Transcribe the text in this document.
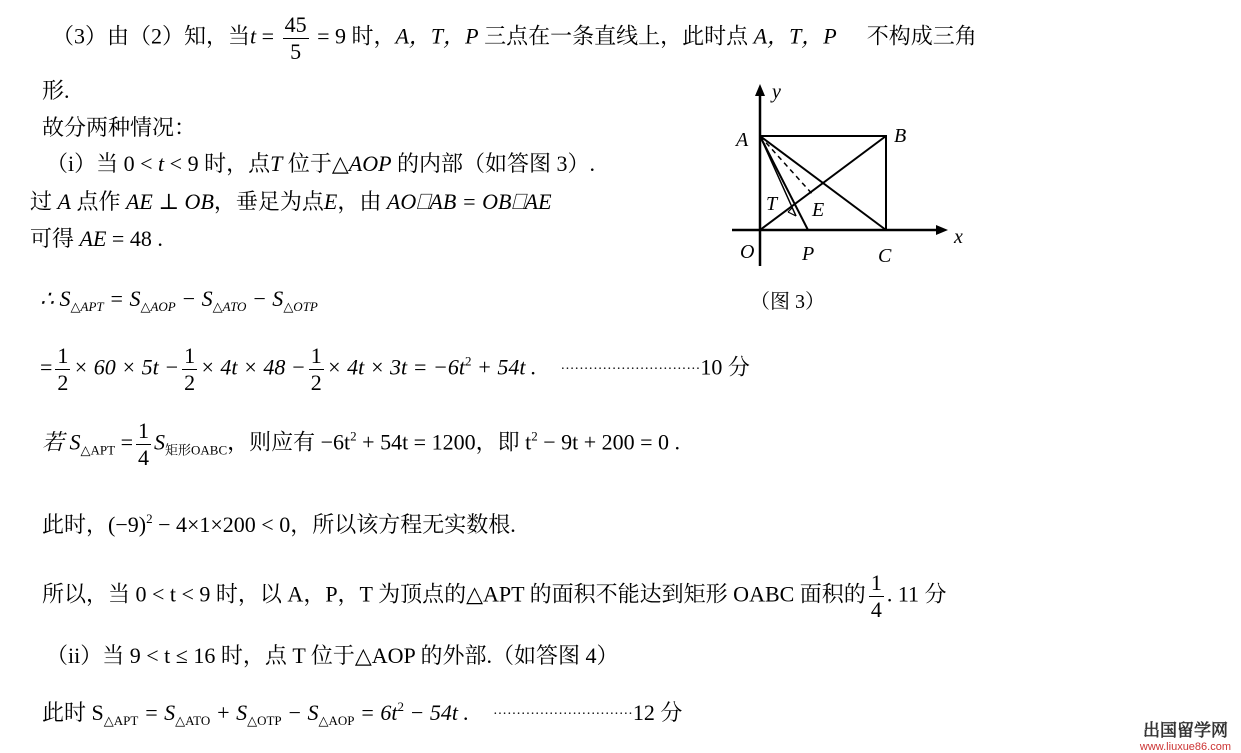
（3）由（2）知，当$t = \frac{45}{5} = 9$ 时，A，T，P 三点在一条直线上，此时点 A，T，P 不构成三角
形.
故分两种情况：
（i）当 0 < t < 9 时，点T 位于△AOP 的内部（如答图 3）.
过 A 点作 AE ⊥ OB，垂足为点E，由 AO⎕AB = OB⎕AE
可得 AE = 48 .
∴ $S_{\triangle APT} = S_{\triangle AOP} - S_{\triangle ATO} - S_{\triangle OTP}$
= $\frac{1}{2} \times 60 \times 5t - \frac{1}{2} \times 4t \times 48 - \frac{1}{2} \times 4t \times 3t = -6t^2 + 54t$ . ······························10 分
若 $S_{\triangle APT} = \frac{1}{4} S_{矩形OABC}$，则应有 $-6t^2 + 54t = 1200$，即 $t^2 - 9t + 200 = 0$ .
此时，$(-9)^2 - 4\times 1\times 200 < 0$，所以该方程无实数根.
所以，当 0 < t < 9 时，以 A，P，T 为顶点的△APT 的面积不能达到矩形 OABC 面积的 $\frac{1}{4}$ . 11 分
（ii）当 9 < t ≤ 16 时，点 T 位于△AOP 的外部.（如答图 4）
此时 $S_{\triangle APT} = S_{\triangle ATO} + S_{\triangle OTP} - S_{\triangle AOP} = 6t^2 - 54t$ . ······························12 分
y
x
A	B
T E
O P	C
（图 3）
出国留学网
www.liuxue86.com
